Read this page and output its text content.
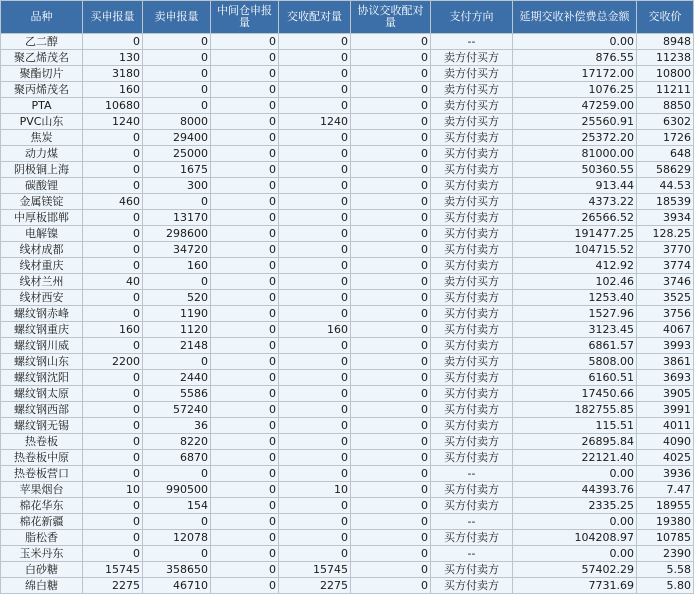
品种	买申报量	卖申报量	中间仓申报量	交收配对量	协议交收配对量	支付方向	延期交收补偿费总金额	交收价
乙二醇	0	0	0	0	0	--	0.00	8948
聚乙烯茂名	130	0	0	0	0	卖方付买方	876.55	11238
聚酯切片	3180	0	0	0	0	卖方付买方	17172.00	10800
聚丙烯茂名	160	0	0	0	0	卖方付买方	1076.25	11211
PTA	10680	0	0	0	0	卖方付买方	47259.00	8850
PVC山东	1240	8000	0	1240	0	卖方付买方	25560.91	6302
焦炭	0	29400	0	0	0	买方付卖方	25372.20	1726
动力煤	0	25000	0	0	0	买方付卖方	81000.00	648
阴极铜上海	0	1675	0	0	0	买方付卖方	50360.55	58629
碳酸锂	0	300	0	0	0	买方付卖方	913.44	44.53
金属镁锭	460	0	0	0	0	卖方付买方	4373.22	18539
中厚板邯郸	0	13170	0	0	0	买方付卖方	26566.52	3934
电解镍	0	298600	0	0	0	买方付卖方	191477.25	128.25
线材成都	0	34720	0	0	0	买方付卖方	104715.52	3770
线材重庆	0	160	0	0	0	买方付卖方	412.92	3774
线材兰州	40	0	0	0	0	卖方付买方	102.46	3746
线材西安	0	520	0	0	0	买方付卖方	1253.40	3525
螺纹钢赤峰	0	1190	0	0	0	买方付卖方	1527.96	3756
螺纹钢重庆	160	1120	0	160	0	买方付卖方	3123.45	4067
螺纹钢川威	0	2148	0	0	0	买方付卖方	6861.57	3993
螺纹钢山东	2200	0	0	0	0	卖方付买方	5808.00	3861
螺纹钢沈阳	0	2440	0	0	0	买方付卖方	6160.51	3693
螺纹钢太原	0	5586	0	0	0	买方付卖方	17450.66	3905
螺纹钢西部	0	57240	0	0	0	买方付卖方	182755.85	3991
螺纹钢无锡	0	36	0	0	0	买方付卖方	115.51	4011
热卷板	0	8220	0	0	0	买方付卖方	26895.84	4090
热卷板中原	0	6870	0	0	0	买方付卖方	22121.40	4025
热卷板营口	0	0	0	0	0	--	0.00	3936
苹果烟台	10	990500	0	10	0	买方付卖方	44393.76	7.47
棉花华东	0	154	0	0	0	买方付卖方	2335.25	18955
棉花新疆	0	0	0	0	0	--	0.00	19380
脂松香	0	12078	0	0	0	买方付卖方	104208.97	10785
玉米丹东	0	0	0	0	0	--	0.00	2390
白砂糖	15745	358650	0	15745	0	买方付卖方	57402.29	5.58
绵白糖	2275	46710	0	2275	0	买方付卖方	7731.69	5.80
